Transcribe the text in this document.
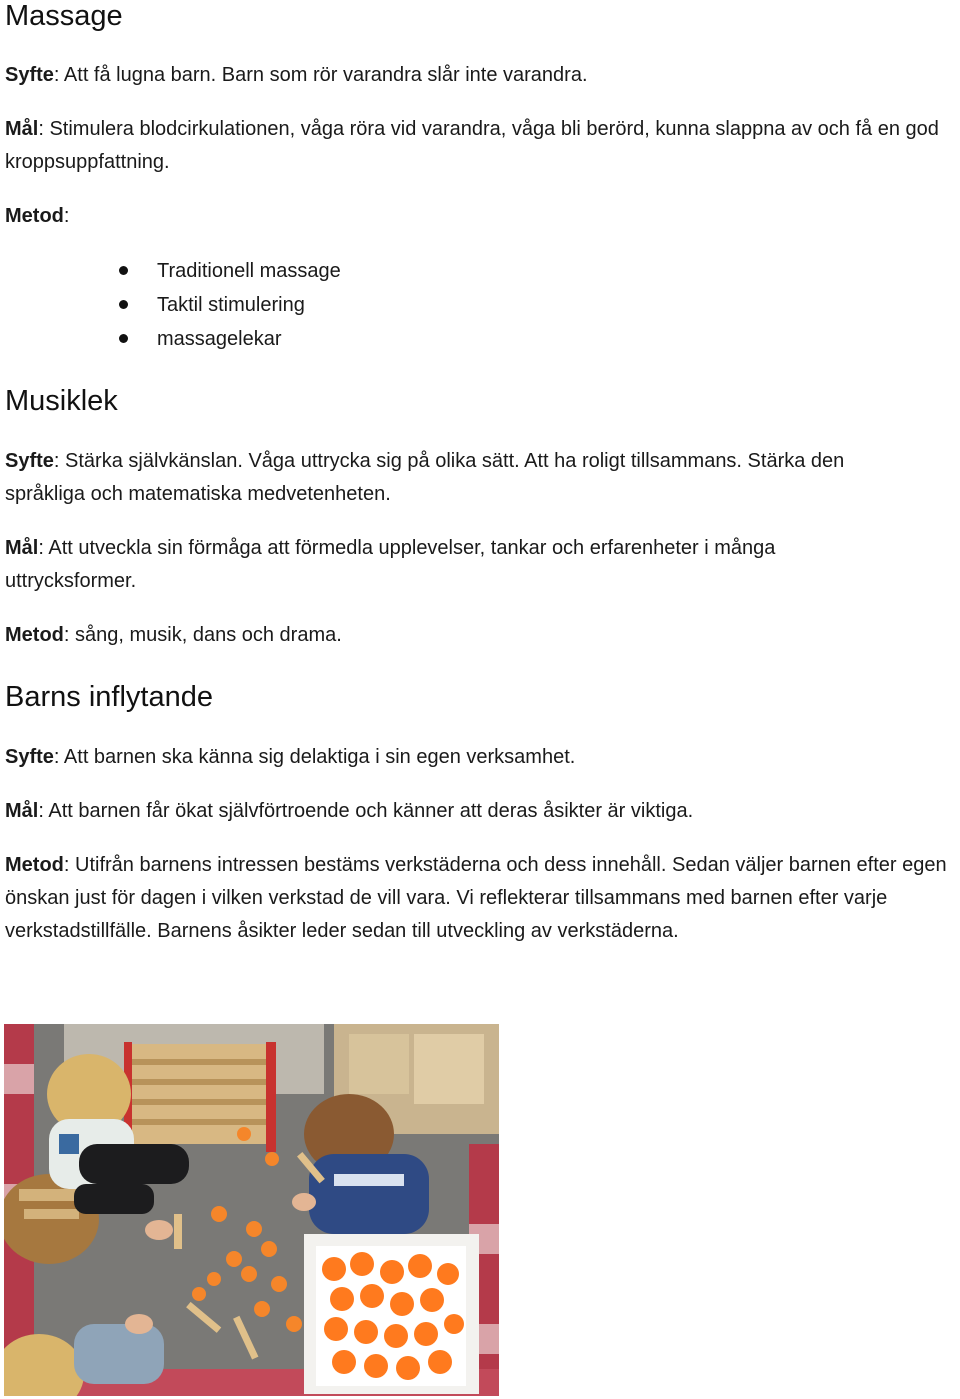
Massage

Syfte: Att få lugna barn. Barn som rör varandra slår inte varandra.

Mål: Stimulera blodcirkulationen, våga röra vid varandra, våga bli berörd, kunna slappna av och få en god kroppsuppfattning.

Metod:

Traditionell massage
Taktil stimulering
massagelekar
Musiklek

Syfte: Stärka självkänslan. Våga uttrycka sig på olika sätt. Att ha roligt tillsammans. Stärka den språkliga och matematiska medvetenheten.

Mål: Att utveckla sin förmåga att förmedla upplevelser, tankar och erfarenheter i många uttrycksformer.

Metod: sång, musik, dans och drama.

Barns inflytande

Syfte: Att barnen ska känna sig delaktiga i sin egen verksamhet.

Mål: Att barnen får ökat självförtroende och känner att deras åsikter är viktiga.

Metod: Utifrån barnens intressen bestäms verkstäderna och dess innehåll. Sedan väljer barnen efter egen önskan just för dagen i vilken verkstad de vill vara. Vi reflekterar tillsammans med barnen efter varje verkstadstillfälle. Barnens åsikter leder sedan till utveckling av verkstäderna.
